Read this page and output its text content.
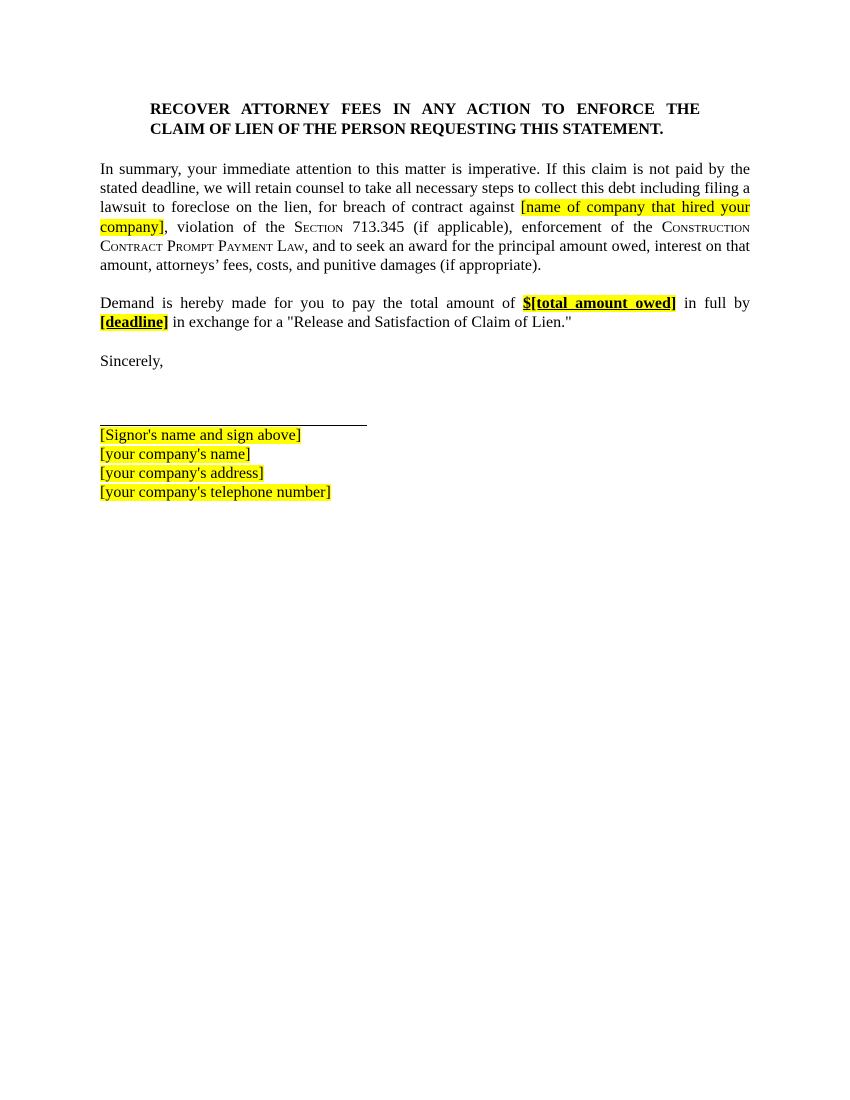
RECOVER ATTORNEY FEES IN ANY ACTION TO ENFORCE THE
CLAIM OF LIEN OF THE PERSON REQUESTING THIS STATEMENT.

In summary, your immediate attention to this matter is imperative. If this claim is not paid by the stated deadline, we will retain counsel to take all necessary steps to collect this debt including filing a lawsuit to foreclose on the lien, for breach of contract against [name of company that hired your company], violation of the Section 713.345 (if applicable), enforcement of the Construction Contract Prompt Payment Law, and to seek an award for the principal amount owed, interest on that amount, attorneys’ fees, costs, and punitive damages (if appropriate).

Demand is hereby made for you to pay the total amount of $[total amount owed] in full by [deadline] in exchange for a "Release and Satisfaction of Claim of Lien."

Sincerely,

[Signor's name and sign above]
[your company's name]
[your company's address]
[your company's telephone number]
